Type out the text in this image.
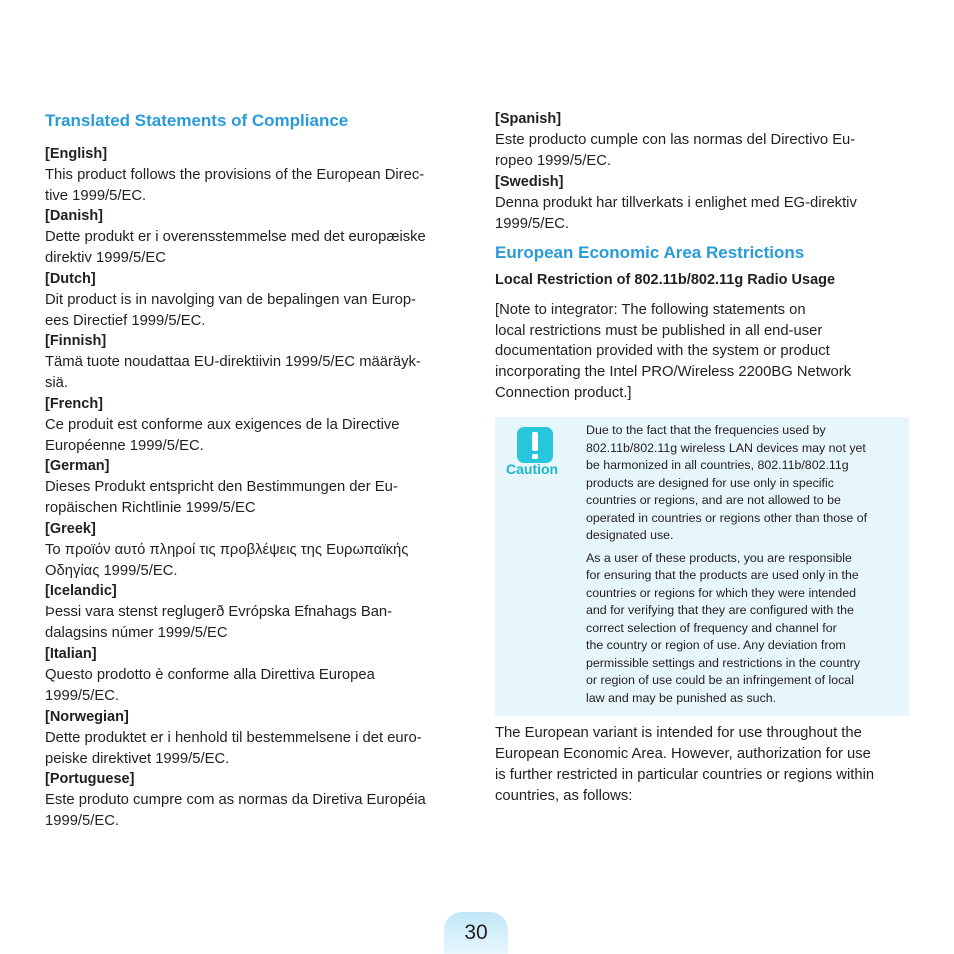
Translated Statements of Compliance
[English]
This product follows the provisions of the European Direc-
tive 1999/5/EC.
[Danish]
Dette produkt er i overensstemmelse med det europæiske
direktiv 1999/5/EC
[Dutch]
Dit product is in navolging van de bepalingen van Europ-
ees Directief 1999/5/EC.
[Finnish]
Tämä tuote noudattaa EU-direktiivin 1999/5/EC määräyk-
siä.
[French]
Ce produit est conforme aux exigences de la Directive
Européenne 1999/5/EC.
[German]
Dieses Produkt entspricht den Bestimmungen der Eu-
ropäischen Richtlinie 1999/5/EC
[Greek]
Το προϊόν αυτό πληροί τις προβλέψεις της Ευρωπαϊκής
Οδηγίας 1999/5/EC.
[Icelandic]
Þessi vara stenst reglugerð Evrópska Efnahags Ban-
dalagsins númer 1999/5/EC
[Italian]
Questo prodotto è conforme alla Direttiva Europea
1999/5/EC.
[Norwegian]
Dette produktet er i henhold til bestemmelsene i det euro-
peiske direktivet 1999/5/EC.
[Portuguese]
Este produto cumpre com as normas da Diretiva Européia
1999/5/EC.
[Spanish]
Este producto cumple con las normas del Directivo Eu-
ropeo 1999/5/EC.
[Swedish]
Denna produkt har tillverkats i enlighet med EG-direktiv
1999/5/EC.
European Economic Area Restrictions
Local Restriction of 802.11b/802.11g Radio Usage
[Note to integrator: The following statements on
local restrictions must be published in all end-user
documentation provided with the system or product
incorporating the Intel PRO/Wireless 2200BG Network
Connection product.]
The European variant is intended for use throughout the
European Economic Area. However, authorization for use
is further restricted in particular countries or regions within
countries, as follows:
Caution
Due to the fact that the frequencies used by
802.11b/802.11g wireless LAN devices may not yet
be harmonized in all countries, 802.11b/802.11g
products are designed for use only in specific
countries or regions, and are not allowed to be
operated in countries or regions other than those of
designated use.
As a user of these products, you are responsible
for ensuring that the products are used only in the
countries or regions for which they were intended
and for verifying that they are configured with the
correct selection of frequency and channel for
the country or region of use. Any deviation from
permissible settings and restrictions in the country
or region of use could be an infringement of local
law and may be punished as such.
30
